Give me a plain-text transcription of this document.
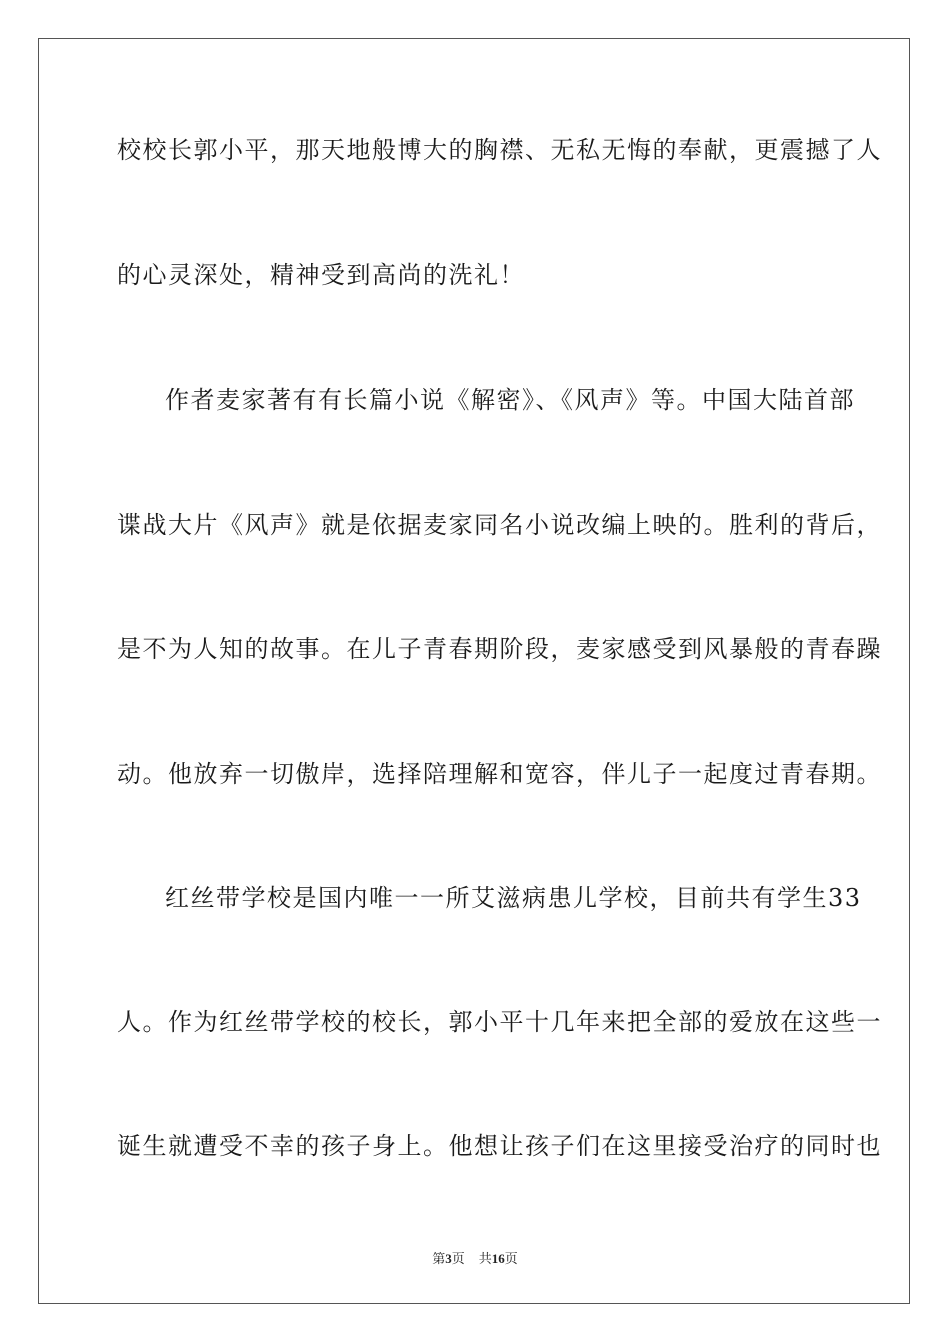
校校长郭小平，那天地般博大的胸襟、无私无悔的奉献，更震撼了人
的心灵深处，精神受到高尚的洗礼！
作者麦家著有有长篇小说《解密》、《风声》等。中国大陆首部
谍战大片《风声》就是依据麦家同名小说改编上映的。胜利的背后，
是不为人知的故事。在儿子青春期阶段，麦家感受到风暴般的青春躁
动。他放弃一切傲岸，选择陪理解和宽容，伴儿子一起度过青春期。
红丝带学校是国内唯一一所艾滋病患儿学校，目前共有学生33
人。作为红丝带学校的校长，郭小平十几年来把全部的爱放在这些一
诞生就遭受不幸的孩子身上。他想让孩子们在这里接受治疗的同时也
第3页 共16页
